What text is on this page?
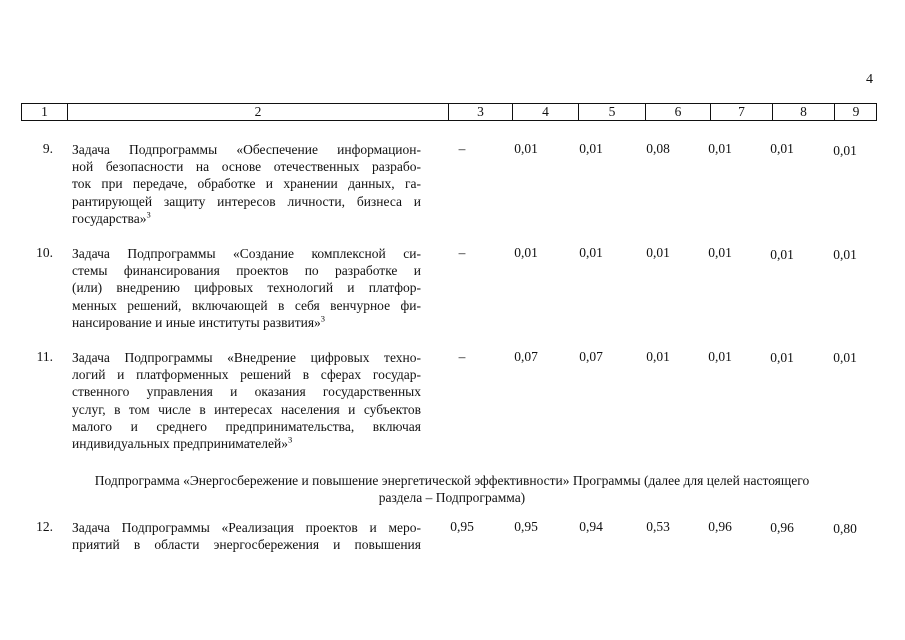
4
1	2	3	4	5	6	7	8	9
9. Задача Подпрограммы «Обеспечение информацион-
ной безопасности на основе отечественных разрабо-
ток при передаче, обработке и хранении данных, га-
рантирующей защиту интересов личности, бизнеса и
государства»$^3$
–	0,01	0,01	0,08	0,01	0,01	0,01
10. Задача Подпрограммы «Создание комплексной си-
стемы финансирования проектов по разработке и
(или) внедрению цифровых технологий и платфор-
менных решений, включающей в себя венчурное фи-
нансирование и иные институты развития»$^3$
–	0,01	0,01	0,01	0,01	0,01	0,01
11. Задача Подпрограммы «Внедрение цифровых техно-
логий и платформенных решений в сферах государ-
ственного управления и оказания государственных
услуг, в том числе в интересах населения и субъектов
малого и среднего предпринимательства, включая
индивидуальных предпринимателей»$^3$
–	0,07	0,07	0,01	0,01	0,01	0,01
Подпрограмма «Энергосбережение и повышение энергетической эффективности» Программы (далее для целей настоящего
раздела – Подпрограмма)
12. Задача Подпрограммы «Реализация проектов и меро-
приятий в области энергосбережения и повышения
0,95	0,95	0,94	0,53	0,96	0,96	0,80
